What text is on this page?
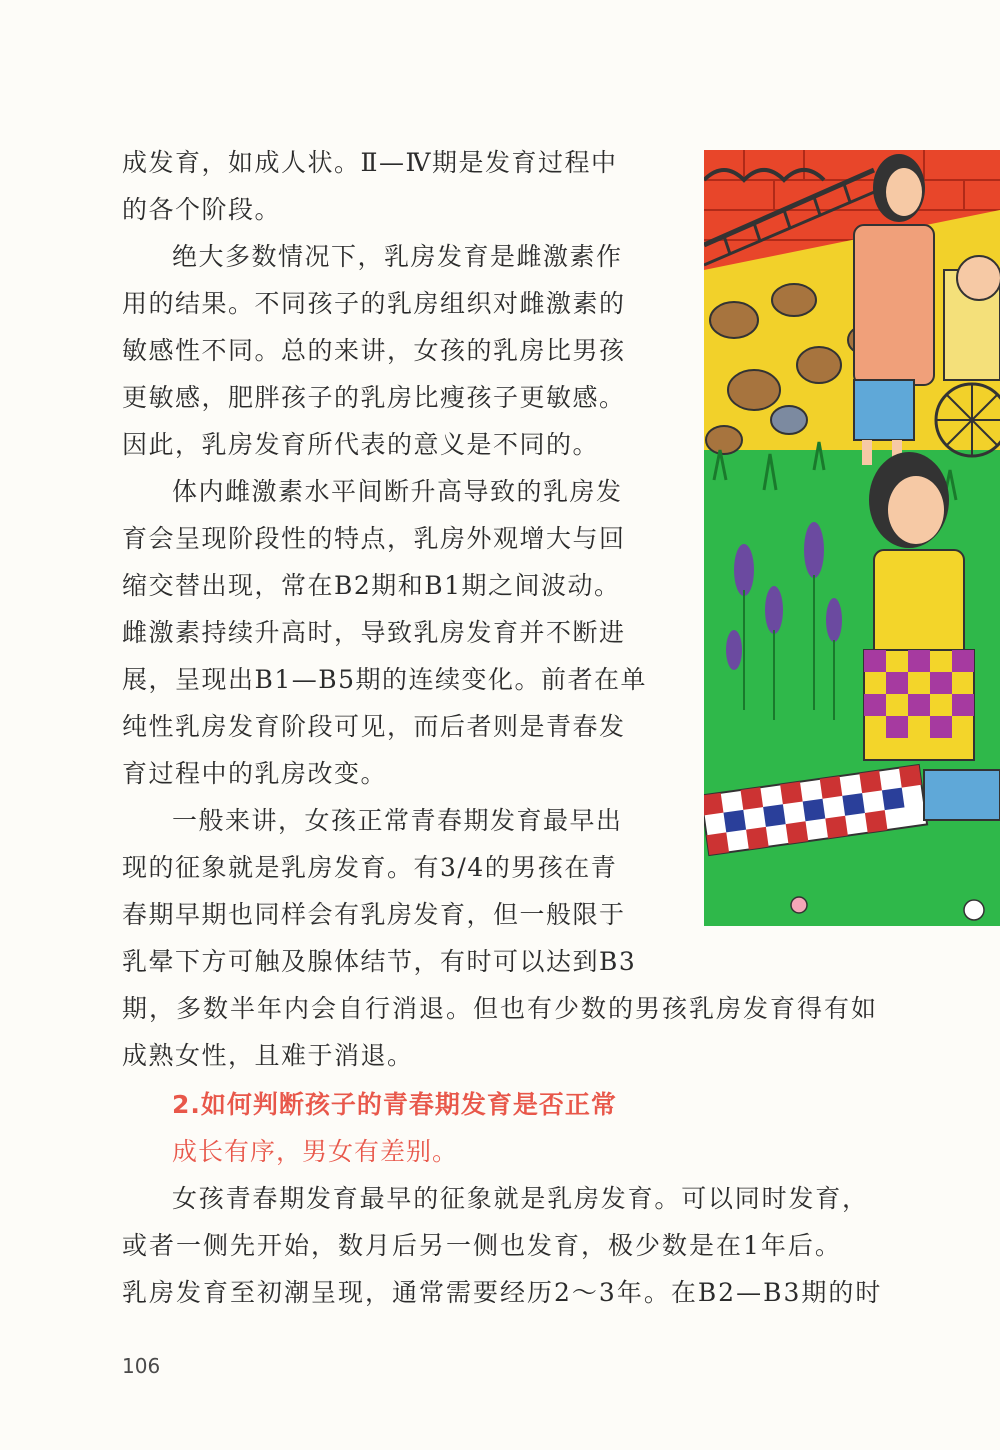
成发育，如成人状。Ⅱ—Ⅳ期是发育过程中

的各个阶段。

绝大多数情况下，乳房发育是雌激素作

用的结果。不同孩子的乳房组织对雌激素的

敏感性不同。总的来讲，女孩的乳房比男孩

更敏感，肥胖孩子的乳房比瘦孩子更敏感。

因此，乳房发育所代表的意义是不同的。

体内雌激素水平间断升高导致的乳房发

育会呈现阶段性的特点，乳房外观增大与回

缩交替出现，常在B2期和B1期之间波动。

雌激素持续升高时，导致乳房发育并不断进

展，呈现出B1—B5期的连续变化。前者在单

纯性乳房发育阶段可见，而后者则是青春发

育过程中的乳房改变。

一般来讲，女孩正常青春期发育最早出

现的征象就是乳房发育。有3/4的男孩在青

春期早期也同样会有乳房发育，但一般限于

乳晕下方可触及腺体结节，有时可以达到B3

期，多数半年内会自行消退。但也有少数的男孩乳房发育得有如

成熟女性，且难于消退。

2.如何判断孩子的青春期发育是否正常

成长有序，男女有差别。

女孩青春期发育最早的征象就是乳房发育。可以同时发育，

或者一侧先开始，数月后另一侧也发育，极少数是在1年后。

乳房发育至初潮呈现，通常需要经历2～3年。在B2—B3期的时

106
